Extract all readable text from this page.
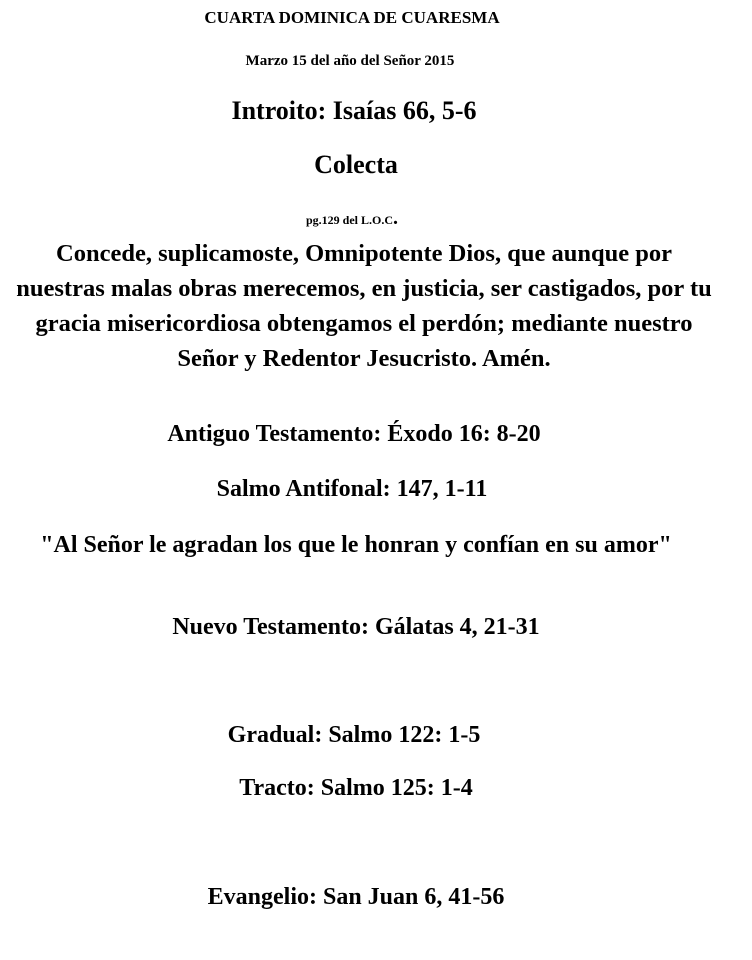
CUARTA DOMINICA DE CUARESMA

Marzo 15 del año del Señor 2015

Introito: Isaías 66, 5-6

Colecta

pg.129 del L.O.C.

Concede, suplicamoste, Omnipotente Dios, que aunque por nuestras malas obras merecemos, en justicia, ser castigados, por tu gracia misericordiosa obtengamos el perdón; mediante nuestro Señor y Redentor Jesucristo. Amén.

Antiguo Testamento: Éxodo 16: 8-20

Salmo Antifonal: 147, 1-11

"Al Señor le agradan los que le honran y confían en su amor"

Nuevo Testamento: Gálatas 4, 21-31

Gradual: Salmo 122: 1-5

Tracto: Salmo 125: 1-4

Evangelio: San Juan 6, 41-56
